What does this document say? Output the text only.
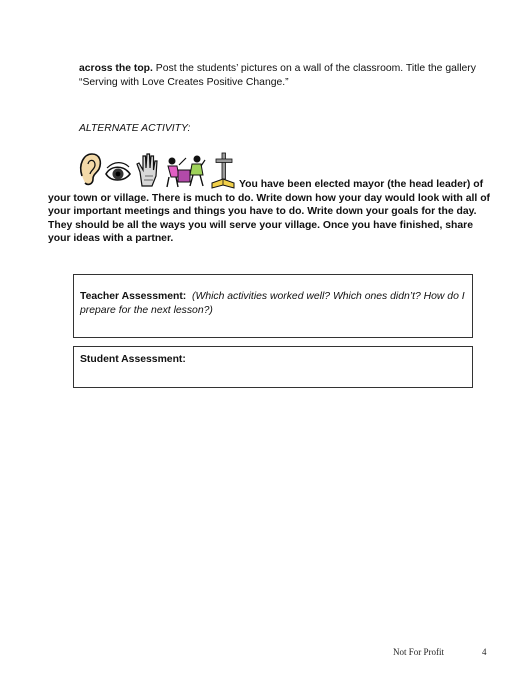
across the top. Post the students’ pictures on a wall of the classroom. Title the gallery “Serving with Love Creates Positive Change.”
ALTERNATE ACTIVITY:
You have been elected mayor (the head leader) of your town or village. There is much to do. Write down how your day would look with all of your important meetings and things you have to do. Write down your goals for the day. They should be all the ways you will serve your village. Once you have finished, share your ideas with a partner.
Teacher Assessment: (Which activities worked well? Which ones didn’t? How do I prepare for the next lesson?)
Student Assessment:
Not For Profit	4
